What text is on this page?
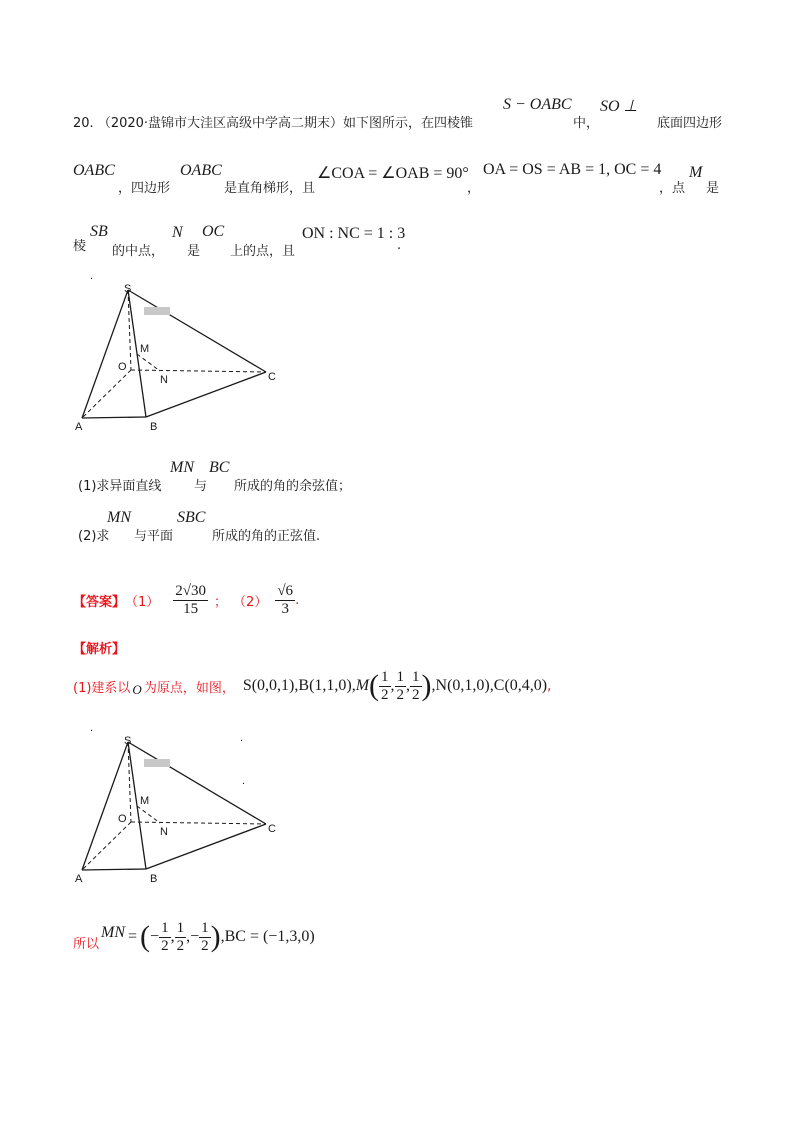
20. （2020·盘锦市大洼区高级中学高二期末）如下图所示，在四棱锥
S − OABC
中，
SO ⊥
底面四边形
OABC
，四边形
OABC
是直角梯形，且
∠COA = ∠OAB = 90°
，
OA = OS = AB = 1, OC = 4
，点
M
是
棱
SB
的中点，
N
是
OC
上的点，且
ON : NC = 1 : 3
.
.
S
O
M
N	C
A	B
(1)求异面直线
MN
与
BC
所成的角的余弦值；
(2)求
MN
与平面
SBC
所成的角的正弦值.
【答案】 $(1) \frac{2√30}{15}$ ； $(2) \frac{√6}{3}$ .
【解析】
(1)建系以 O 为原点，如图， S(0,0,1), B(1,1,0), M ( $\frac{1}{2}$ , $\frac{1}{2}$ , $\frac{1}{2}$ ) ,N(0,1,0), C(0,4,0) ,
.
.
.
S
O
M
N	C
A	B
所以
MN = ( − $\frac{1}{2}$ , $\frac{1}{2}$ ,− $\frac{1}{2}$ ) ,BC = (−1,3,0)
